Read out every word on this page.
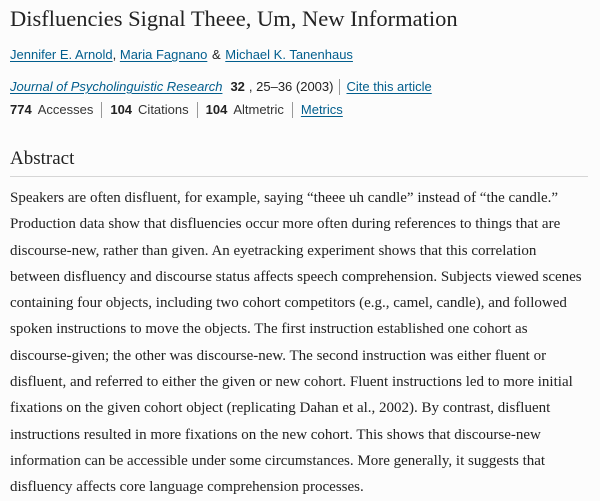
Disfluencies Signal Theee, Um, New Information
Jennifer E. Arnold, Maria Fagnano & Michael K. Tanenhaus
Journal of Psycholinguistic Research 32 , 25–36 (2003) Cite this article
774 Accesses 104 Citations 104 Altmetric Metrics
Abstract

Speakers are often disfluent, for example, saying “theee uh candle” instead of “the candle.”
Production data show that disfluencies occur more often during references to things that are
discourse-new, rather than given. An eyetracking experiment shows that this correlation
between disfluency and discourse status affects speech comprehension. Subjects viewed scenes
containing four objects, including two cohort competitors (e.g., camel, candle), and followed
spoken instructions to move the objects. The first instruction established one cohort as
discourse-given; the other was discourse-new. The second instruction was either fluent or
disfluent, and referred to either the given or new cohort. Fluent instructions led to more initial
fixations on the given cohort object (replicating Dahan et al., 2002). By contrast, disfluent
instructions resulted in more fixations on the new cohort. This shows that discourse-new
information can be accessible under some circumstances. More generally, it suggests that
disfluency affects core language comprehension processes.
